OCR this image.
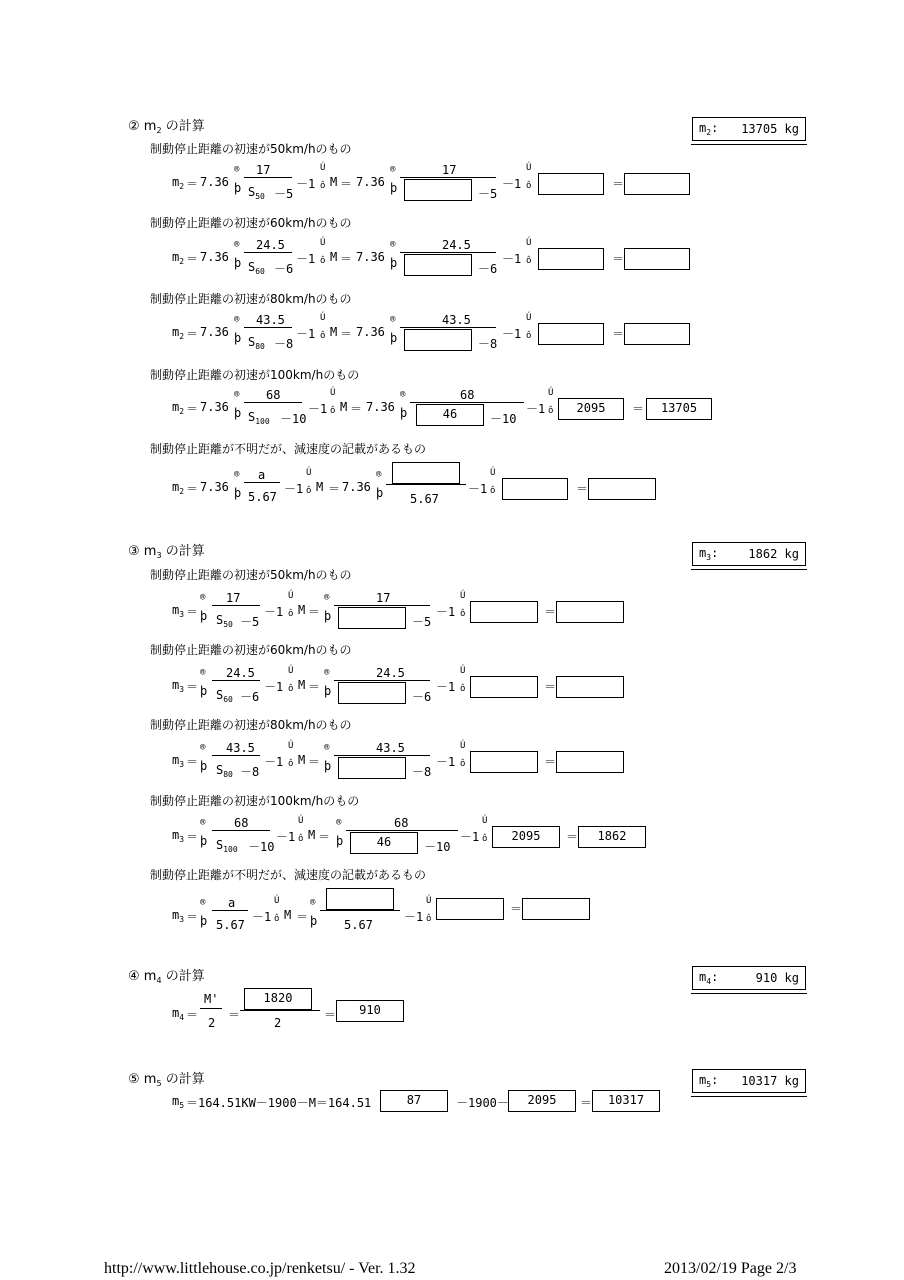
② $m_2$ の計算	$m_2$: 13705 kg
制動停止距離の初速が50km/hのもの
制動停止距離の初速が60km/hのもの
制動停止距離の初速が80km/hのもの
制動停止距離の初速が100km/hのもの
制動停止距離が不明だが、減速度の記載があるもの
$m_2 = 7.36$
®
þ
17
$S_{50} -5$
－1
Ú
ô M ＝ 7.36
®
þ
17
－5
－1
Ú
ô	＝
$m_2 = 7.36$
®
þ
24.5
$S_{60} -6$
－1
Ú
ô M ＝ 7.36
®
þ
24.5
－6
－1
Ú
ô	＝
$m_2 = 7.36$
®
þ
43.5
$S_{80} -8$
－1
Ú
ô M ＝ 7.36
®
þ
43.5
－8
－1
Ú
ô	＝
$m_2 = 7.36$
®
þ
68
$S_{100} -10$
－1
Ú
ô M ＝ 7.36
®
þ
68
46	－10
－1
Ú
ô	2095	＝	13705
$m_2 = 7.36$
®
þ
a
5.67
－1
Ú
ô M ＝ 7.36
®
þ 5.67
－1
Ú
ô	＝
③ $m_3$ の計算	$m_3$:	1862 kg
制動停止距離の初速が50km/hのもの
制動停止距離の初速が60km/hのもの
制動停止距離の初速が80km/hのもの
制動停止距離の初速が100km/hのもの
制動停止距離が不明だが、減速度の記載があるもの
$m_3$ ＝
®
þ
17
$S_{50} -5$
－1
Ú
ô M ＝
®
þ
17
－5
－1
Ú
ô	＝
$m_3$ ＝
®
þ
24.5
$S_{60} -6$
－1
Ú
ô M ＝
®
þ
24.5
－6
－1
Ú
ô	＝
$m_3$ ＝
®
þ
43.5
$S_{80} -8$
－1
Ú
ô M ＝
®
þ
43.5
－8
－1
Ú
ô	＝
$m_3$ ＝
®
þ
68
$S_{100} -10$
－1
Ú
ô M ＝
®
þ
68
46	－10
－1
Ú
ô	2095	＝	1862
$m_3$ ＝
®
þ
a
5.67
－1
Ú
ô M ＝
®
þ 5.67
－1
Ú
ô
＝
④ $m_4$ の計算	$m_4$:	910 kg
$m_4$ ＝
M'
2
＝
1820
2
＝	910
⑤ $m_5$ の計算	$m_5$: 10317 kg
$m_5 =164.51KW-1900-M=164.51$	87	－1900－	2095	＝	10317
http://www.littlehouse.co.jp/renketsu/ - Ver. 1.32	2013/02/19 Page 2/3
